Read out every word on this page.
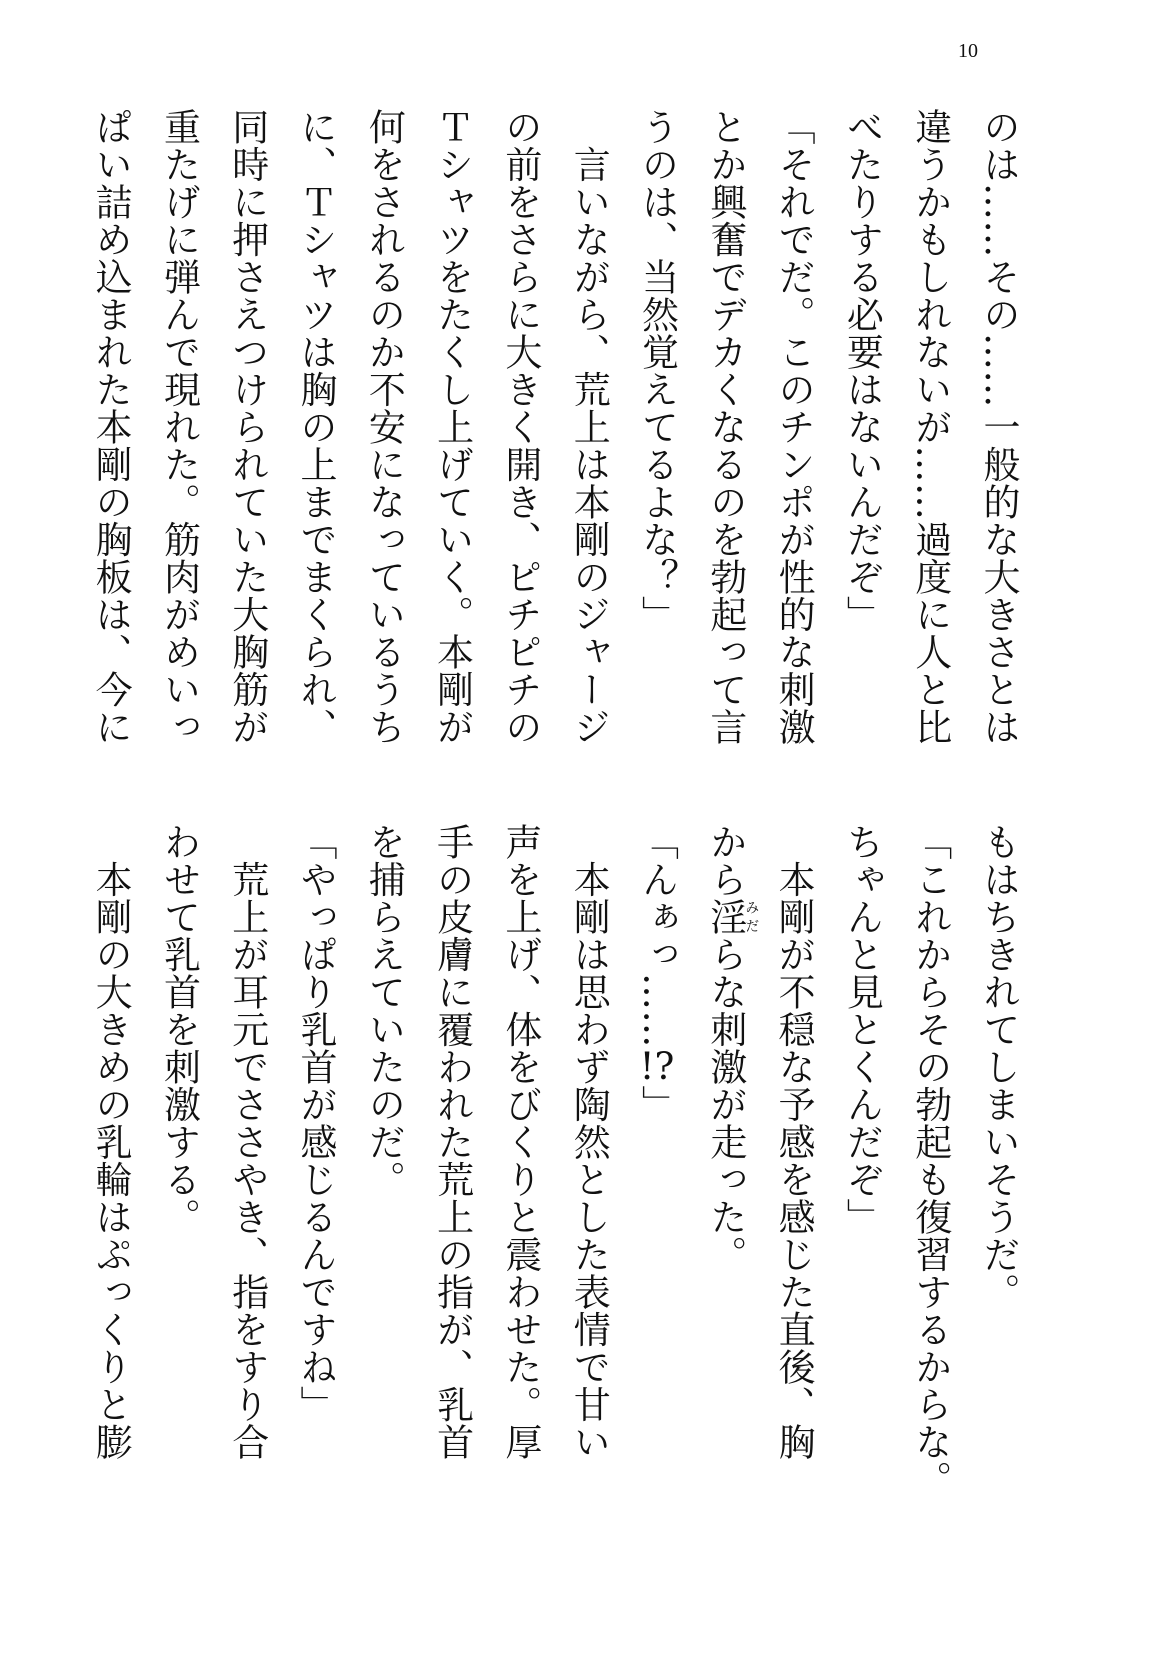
10
のは……その……一般的な大きさとは
違うかもしれないが……過度に人と比
べたりする必要はないんだぞ」
「それでだ。このチンポが性的な刺激
とか興奮でデカくなるのを勃起って言
うのは、当然覚えてるよな？」
　言いながら、荒上は本剛のジャージ
の前をさらに大きく開き、ピチピチの
Ｔシャツをたくし上げていく。本剛が
何をされるのか不安になっているうち
に、Ｔシャツは胸の上までまくられ、
同時に押さえつけられていた大胸筋が
重たげに弾んで現れた。筋肉がめいっ
ぱい詰め込まれた本剛の胸板は、今に
もはちきれてしまいそうだ。
「これからその勃起も復習するからな。
ちゃんと見とくんだぞ」
　本剛が不穏な予感を感じた直後、胸
から淫みだらな刺激が走った。
「んぁっ……!?」
　本剛は思わず陶然とした表情で甘い
声を上げ、体をびくりと震わせた。厚
手の皮膚に覆われた荒上の指が、乳首
を捕らえていたのだ。
「やっぱり乳首が感じるんですね」
　荒上が耳元でささやき、指をすり合
わせて乳首を刺激する。
　本剛の大きめの乳輪はぷっくりと膨
